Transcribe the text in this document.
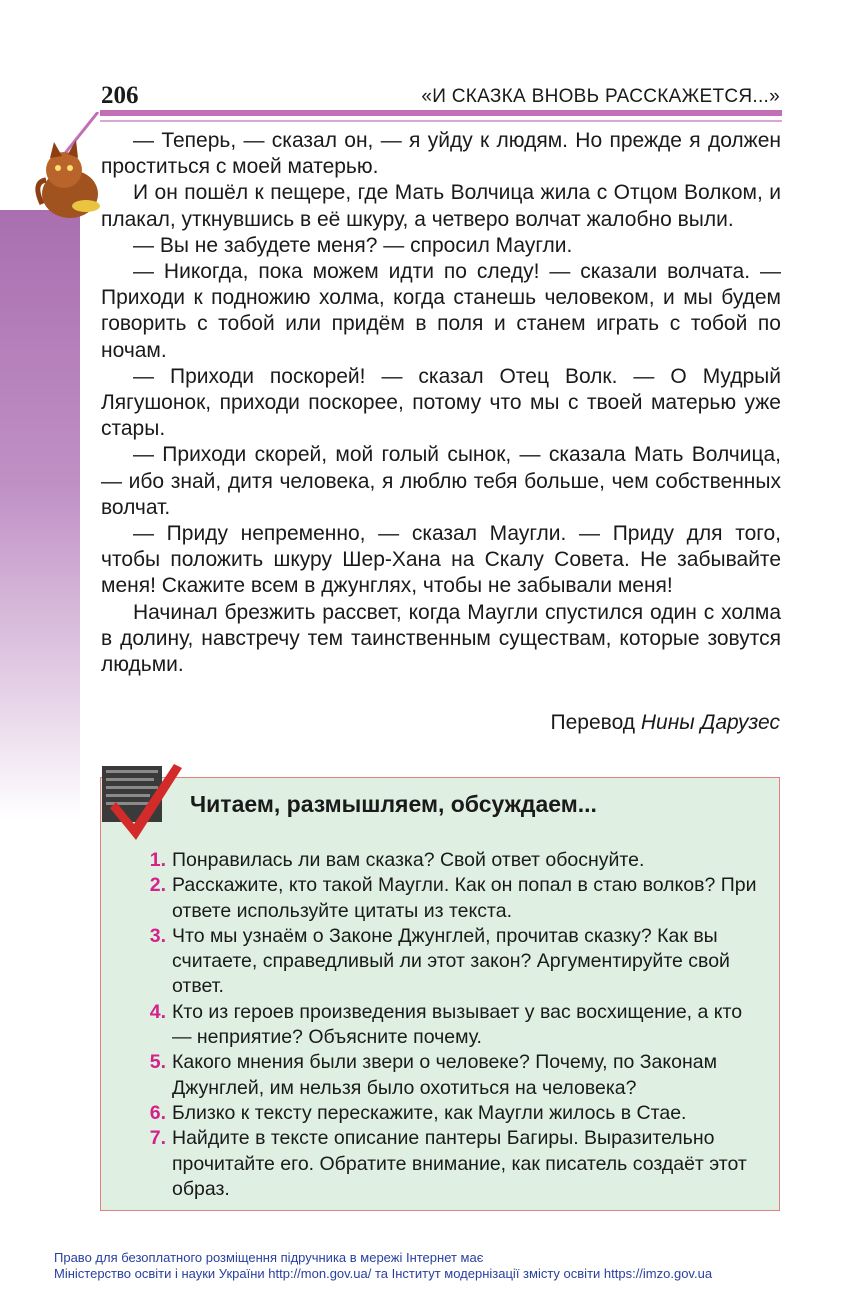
206	«И СКАЗКА ВНОВЬ РАССКАЖЕТСЯ...»

— Теперь, — сказал он, — я уйду к людям. Но прежде я должен проститься с моей матерью.

И он пошёл к пещере, где Мать Волчица жила с Отцом Волком, и плакал, уткнувшись в её шкуру, а четверо волчат жалобно выли.

— Вы не забудете меня? — спросил Маугли.

— Никогда, пока можем идти по следу! — сказали волчата. — Приходи к подножию холма, когда станешь человеком, и мы будем говорить с тобой или придём в поля и станем играть с тобой по ночам.

— Приходи поскорей! — сказал Отец Волк. — О Мудрый Лягушонок, приходи поскорее, потому что мы с твоей матерью уже стары.

— Приходи скорей, мой голый сынок, — сказала Мать Волчица, — ибо знай, дитя человека, я люблю тебя больше, чем собственных волчат.

— Приду непременно, — сказал Маугли. — Приду для того, чтобы положить шкуру Шер-Хана на Скалу Совета. Не забывайте меня! Скажите всем в джунглях, чтобы не забывали меня!

Начинал брезжить рассвет, когда Маугли спустился один с холма в долину, навстречу тем таинственным существам, которые зовутся людьми.

Перевод Нины Дарузес
Читаем, размышляем, обсуждаем...
1. Понравилась ли вам сказка? Свой ответ обоснуйте.
2. Расскажите, кто такой Маугли. Как он попал в стаю волков? При ответе используйте цитаты из текста.
3. Что мы узнаём о Законе Джунглей, прочитав сказку? Как вы считаете, справедливый ли этот закон? Аргументируйте свой ответ.
4. Кто из героев произведения вызывает у вас восхищение, а кто — неприятие? Объясните почему.
5. Какого мнения были звери о человеке? Почему, по Законам Джунглей, им нельзя было охотиться на человека?
6. Близко к тексту перескажите, как Маугли жилось в Стае.
7. Найдите в тексте описание пантеры Багиры. Выразительно прочитайте его. Обратите внимание, как писатель создаёт этот образ.
Право для безоплатного розміщення підручника в мережі Інтернет має
Міністерство освіти і науки України http://mon.gov.ua/ та Інститут модернізації змісту освіти https://imzo.gov.ua
